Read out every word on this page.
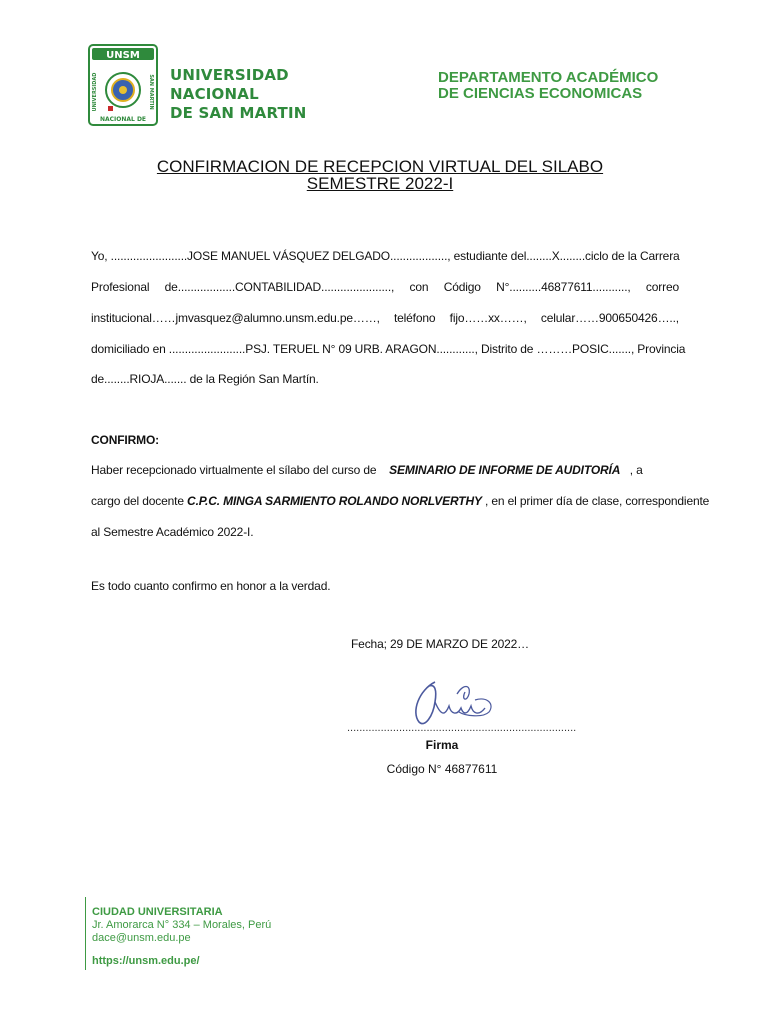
UNSM
UNIVERSIDAD	SAN MARTIN
NACIONAL DE
UNIVERSIDAD NACIONAL
DE SAN MARTIN
DEPARTAMENTO ACADÉMICO
DE CIENCIAS ECONOMICAS
CONFIRMACION DE RECEPCION VIRTUAL DEL SILABO
SEMESTRE 2022-I
Yo, ........................JOSE MANUEL VÁSQUEZ DELGADO.................., estudiante del........X........ciclo de la Carrera
Profesional de..................CONTABILIDAD......................, con Código N°..........46877611..........., correo
institucional……jmvasquez@alumno.unsm.edu.pe……, teléfono fijo……xx……, celular……900650426…..,
domiciliado en ........................PSJ. TERUEL N° 09 URB. ARAGON............, Distrito de ………POSIC......., Provincia
de........RIOJA....... de la Región San Martín.
CONFIRMO:
Haber recepcionado virtualmente el sílabo del curso de SEMINARIO DE INFORME DE AUDITORÍA , a
cargo del docente C.P.C. MINGA SARMIENTO ROLANDO NORLVERTHY , en el primer día de clase, correspondiente
al Semestre Académico 2022-I.
Es todo cuanto confirmo en honor a la verdad.
Fecha; 29 DE MARZO DE 2022…
...........................................................................
Firma
Código N° 46877611
CIUDAD UNIVERSITARIA
Jr. Amorarca N° 334 – Morales, Perú
dace@unsm.edu.pe
https://unsm.edu.pe/
